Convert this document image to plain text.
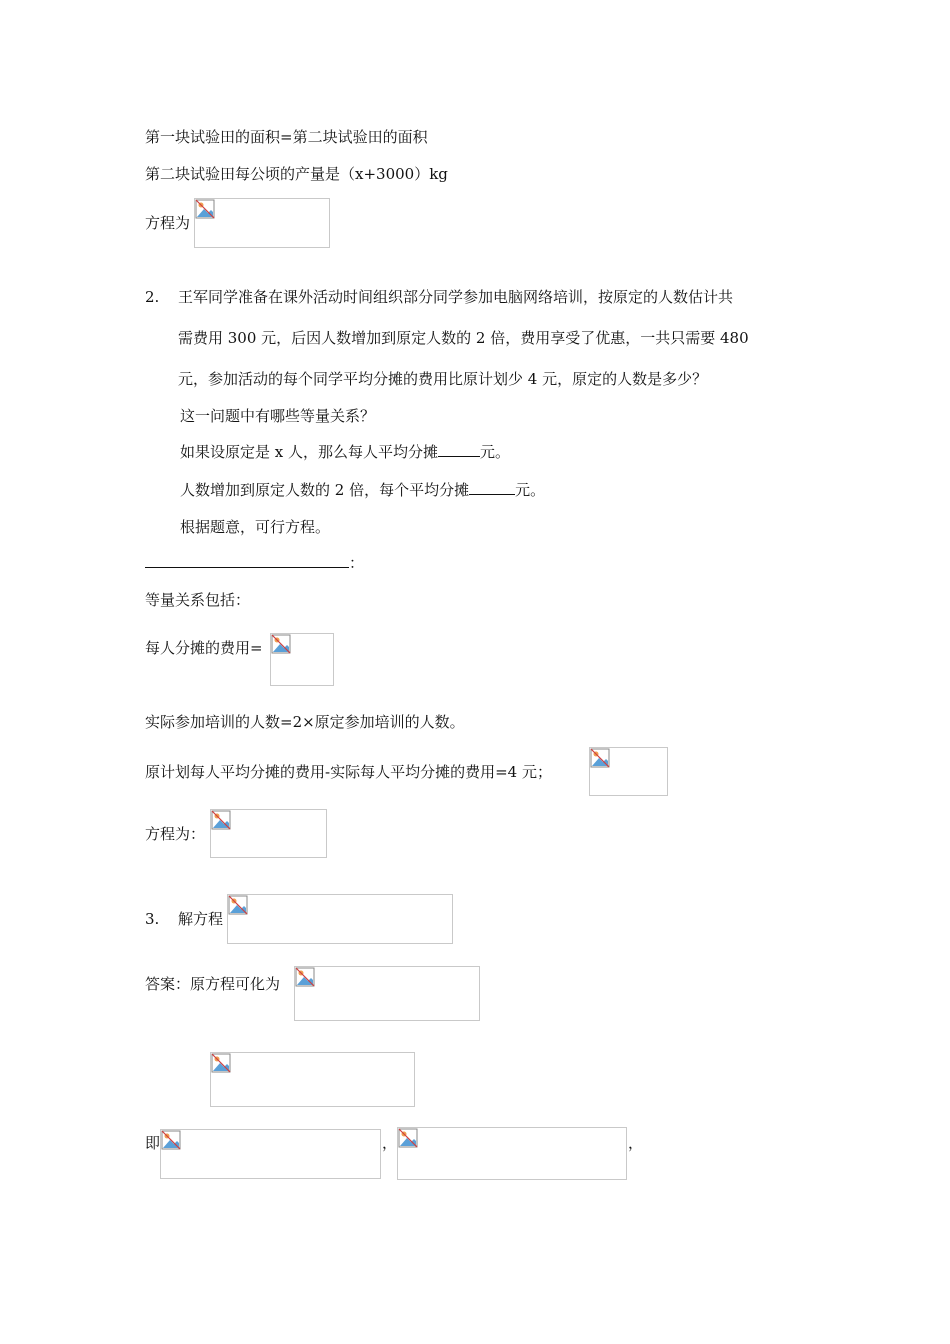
第一块试验田的面积=第二块试验田的面积
第二块试验田每公顷的产量是（x+3000）kg
方程为
2. 王军同学准备在课外活动时间组织部分同学参加电脑网络培训，按原定的人数估计共
需费用 300 元，后因人数增加到原定人数的 2 倍，费用享受了优惠，一共只需要 480
元，参加活动的每个同学平均分摊的费用比原计划少 4 元，原定的人数是多少？
这一问题中有哪些等量关系？
如果设原定是 x 人，那么每人平均分摊	元。
人数增加到原定人数的 2 倍，每个平均分摊	元。
根据题意，可行方程。
：
等量关系包括：
每人分摊的费用=
实际参加培训的人数=2×原定参加培训的人数。
原计划每人平均分摊的费用-实际每人平均分摊的费用=4 元；
方程为：
3. 解方程
答案：原方程可化为
即	，	，
